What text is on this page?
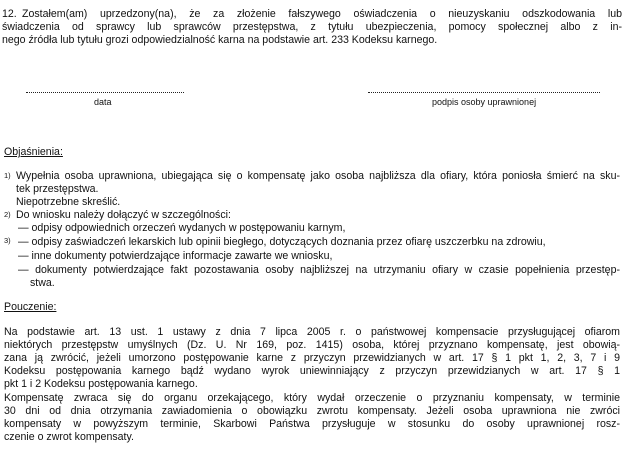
12. Zostałem(am) uprzedzony(na), że za złożenie fałszywego oświadczenia o nieuzyskaniu odszkodowania lub
świadczenia od sprawcy lub sprawców przestępstwa, z tytułu ubezpieczenia, pomocy społecznej albo z in-
nego źródła lub tytułu grozi odpowiedzialność karna na podstawie art. 233 Kodeksu karnego.
data	podpis osoby uprawnionej
Objaśnienia:
1) Wypełnia osoba uprawniona, ubiegająca się o kompensatę jako osoba najbliższa dla ofiary, która poniosła śmierć na sku-
tek przestępstwa.
2)
Niepotrzebne skreślić.
3)
Do wniosku należy dołączyć w szczególności:
— odpisy odpowiednich orzeczeń wydanych w postępowaniu karnym,
— odpisy zaświadczeń lekarskich lub opinii biegłego, dotyczących doznania przez ofiarę uszczerbku na zdrowiu,
— inne dokumenty potwierdzające informacje zawarte we wniosku,
— dokumenty potwierdzające fakt pozostawania osoby najbliższej na utrzymaniu ofiary w czasie popełnienia przestęp-
stwa.
Pouczenie:
Na podstawie art. 13 ust. 1 ustawy z dnia 7 lipca 2005 r. o państwowej kompensacie przysługującej ofiarom
niektórych przestępstw umyślnych (Dz. U. Nr 169, poz. 1415) osoba, której przyznano kompensatę, jest obowią-
zana ją zwrócić, jeżeli umorzono postępowanie karne z przyczyn przewidzianych w art. 17 § 1 pkt 1, 2, 3, 7 i 9
Kodeksu postępowania karnego bądź wydano wyrok uniewinniający z przyczyn przewidzianych w art. 17 § 1
pkt 1 i 2 Kodeksu postępowania karnego.
Kompensatę zwraca się do organu orzekającego, który wydał orzeczenie o przyznaniu kompensaty, w terminie
30 dni od dnia otrzymania zawiadomienia o obowiązku zwrotu kompensaty. Jeżeli osoba uprawniona nie zwróci
kompensaty w powyższym terminie, Skarbowi Państwa przysługuje w stosunku do osoby uprawnionej rosz-
czenie o zwrot kompensaty.
